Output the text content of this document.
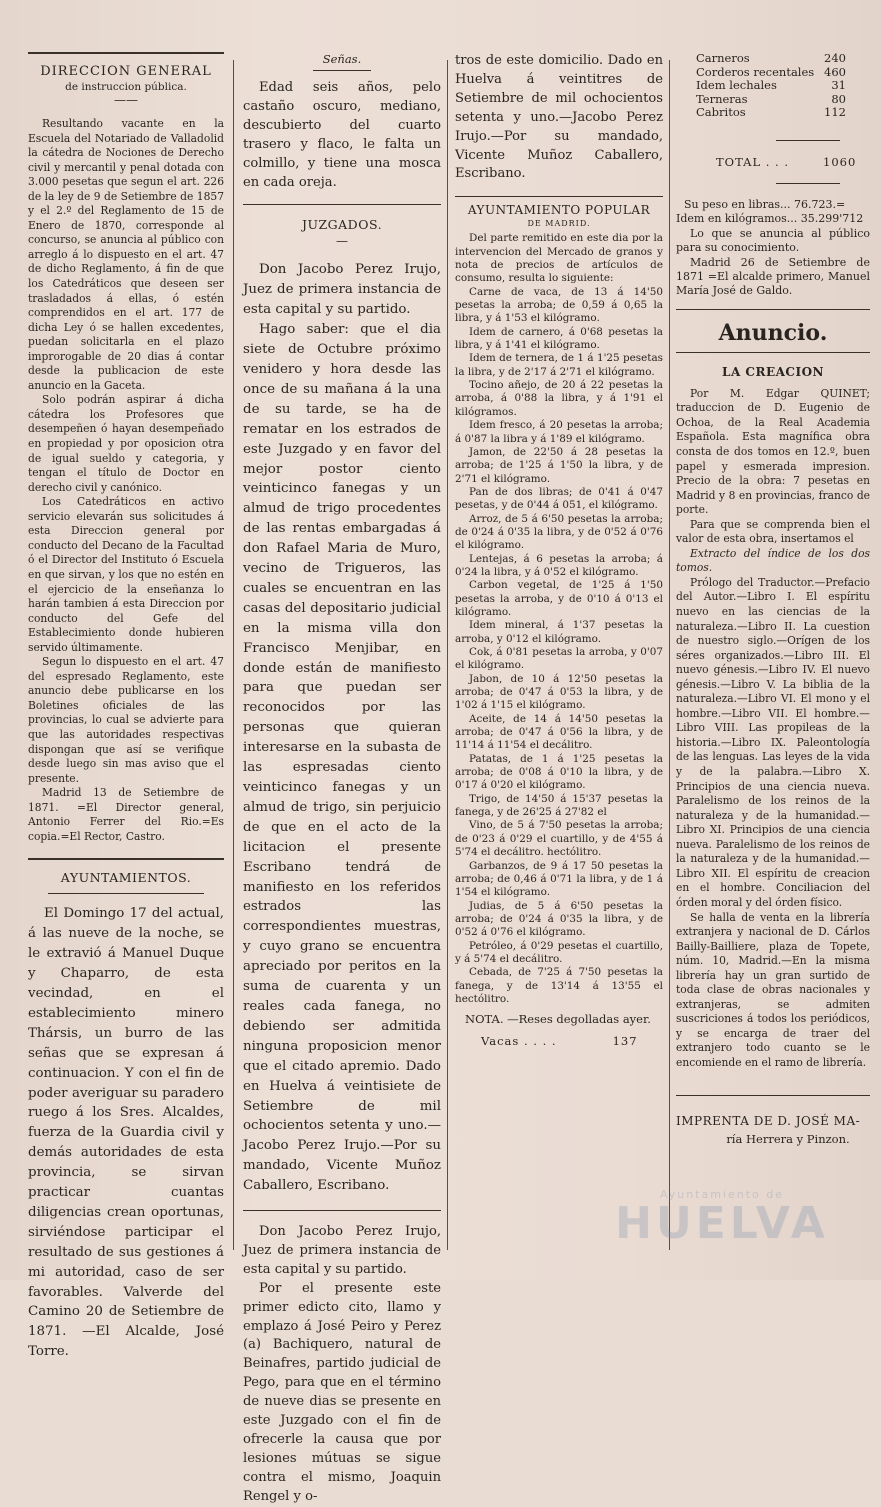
DIRECCION GENERAL

de instruccion pública.

——

Resultando vacante en la Escuela del Notariado de Valladolid la cátedra de Nociones de Derecho civil y mercantil y penal dotada con 3.000 pesetas que segun el art. 226 de la ley de 9 de Setiembre de 1857 y el 2.º del Reglamento de 15 de Enero de 1870, corresponde al concurso, se anuncia al público con arreglo á lo dispuesto en el art. 47 de dicho Reglamento, á fin de que los Catedráticos que deseen ser trasladados á ellas, ó estén comprendidos en el art. 177 de dicha Ley ó se hallen excedentes, puedan solicitarla en el plazo improrogable de 20 dias á contar desde la publicacion de este anuncio en la Gaceta.

Solo podrán aspirar á dicha cátedra los Profesores que desempeñen ó hayan desempeñado en propiedad y por oposicion otra de igual sueldo y categoria, y tengan el título de Doctor en derecho civil y canónico.

Los Catedráticos en activo servicio elevarán sus solicitudes á esta Direccion general por conducto del Decano de la Facultad ó el Director del Instituto ó Escuela en que sirvan, y los que no estén en el ejercicio de la enseñanza lo harán tambien á esta Direccion por conducto del Gefe del Establecimiento donde hubieren servido últimamente.

Segun lo dispuesto en el art. 47 del espresado Reglamento, este anuncio debe publicarse en los Boletines oficiales de las provincias, lo cual se advierte para que las autoridades respectivas dispongan que así se verifique desde luego sin mas aviso que el presente.

Madrid 13 de Setiembre de 1871. =El Director general, Antonio Ferrer del Rio.=Es copia.=El Rector, Castro.

AYUNTAMIENTOS.

El Domingo 17 del actual, á las nueve de la noche, se le extravió á Manuel Duque y Chaparro, de esta vecindad, en el establecimiento minero Thársis, un burro de las señas que se expresan á continuacion. Y con el fin de poder averiguar su paradero ruego á los Sres. Alcaldes, fuerza de la Guardia civil y demás autoridades de esta provincia, se sirvan practicar cuantas diligencias crean oportunas, sirviéndose participar el resultado de sus gestiones á mi autoridad, caso de ser favorables. Valverde del Camino 20 de Setiembre de 1871. —El Alcalde, José Torre.

Señas.

Edad seis años, pelo castaño oscuro, mediano, descubierto del cuarto trasero y flaco, le falta un colmillo, y tiene una mosca en cada oreja.

JUZGADOS.

—

Don Jacobo Perez Irujo, Juez de primera instancia de esta capital y su partido.

Hago saber: que el dia siete de Octubre próximo venidero y hora desde las once de su mañana á la una de su tarde, se ha de rematar en los estrados de este Juzgado y en favor del mejor postor ciento veinticinco fanegas y un almud de trigo procedentes de las rentas embargadas á don Rafael Maria de Muro, vecino de Trigueros, las cuales se encuentran en las casas del depositario judicial en la misma villa don Francisco Menjibar, en donde están de manifiesto para que puedan ser reconocidos por las personas que quieran interesarse en la subasta de las espresadas ciento veinticinco fanegas y un almud de trigo, sin perjuicio de que en el acto de la licitacion el presente Escribano tendrá de manifiesto en los referidos estrados las correspondientes muestras, y cuyo grano se encuentra apreciado por peritos en la suma de cuarenta y un reales cada fanega, no debiendo ser admitida ninguna proposicion menor que el citado apremio. Dado en Huelva á veintisiete de Setiembre de mil ochocientos setenta y uno.—Jacobo Perez Irujo.—Por su mandado, Vicente Muñoz Caballero, Escribano.

Don Jacobo Perez Irujo, Juez de primera instancia de esta capital y su partido.

Por el presente este primer edicto cito, llamo y emplazo á José Peiro y Perez (a) Bachiquero, natural de Beinafres, partido judicial de Pego, para que en el término de nueve dias se presente en este Juzgado con el fin de ofrecerle la causa que por lesiones mútuas se sigue contra el mismo, Joaquin Rengel y o-

tros de este domicilio. Dado en Huelva á veintitres de Setiembre de mil ochocientos setenta y uno.—Jacobo Perez Irujo.—Por su mandado, Vicente Muñoz Caballero, Escribano.

AYUNTAMIENTO POPULAR

DE MADRID.

Del parte remitido en este dia por la intervencion del Mercado de granos y nota de precios de artículos de consumo, resulta lo siguiente:

Carne de vaca, de 13 á 14'50 pesetas la arroba; de 0,59 á 0,65 la libra, y á 1'53 el kilógramo.

Idem de carnero, á 0'68 pesetas la libra, y á 1'41 el kilógramo.

Idem de ternera, de 1 á 1'25 pesetas la libra, y de 2'17 á 2'71 el kilógramo.

Tocino añejo, de 20 á 22 pesetas la arroba, á 0'88 la libra, y á 1'91 el kilógramos.

Idem fresco, á 20 pesetas la arroba; á 0'87 la libra y á 1'89 el kilógramo.

Jamon, de 22'50 á 28 pesetas la arroba; de 1'25 á 1'50 la libra, y de 2'71 el kilógramo.

Pan de dos libras; de 0'41 á 0'47 pesetas, y de 0'44 á 051, el kilógramo.

Arroz, de 5 á 6'50 pesetas la arroba; de 0'24 á 0'35 la libra, y de 0'52 á 0'76 el kilógramo.

Lentejas, á 6 pesetas la arroba; á 0'24 la libra, y á 0'52 el kilógramo.

Carbon vegetal, de 1'25 á 1'50 pesetas la arroba, y de 0'10 á 0'13 el kilógramo.

Idem mineral, á 1'37 pesetas la arroba, y 0'12 el kilógramo.

Cok, á 0'81 pesetas la arroba, y 0'07 el kilógramo.

Jabon, de 10 á 12'50 pesetas la arroba; de 0'47 á 0'53 la libra, y de 1'02 á 1'15 el kilógramo.

Aceite, de 14 á 14'50 pesetas la arroba; de 0'47 á 0'56 la libra, y de 11'14 á 11'54 el decálitro.

Patatas, de 1 á 1'25 pesetas la arroba; de 0'08 á 0'10 la libra, y de 0'17 á 0'20 el kilógramo.

Trigo, de 14'50 á 15'37 pesetas la fanega, y de 26'25 á 27'82 el

Vino, de 5 á 7'50 pesetas la arroba; de 0'23 á 0'29 el cuartillo, y de 4'55 á 5'74 el decálitro. hectólitro.

Garbanzos, de 9 á 17 50 pesetas la arroba; de 0,46 á 0'71 la libra, y de 1 á 1'54 el kilógramo.

Judias, de 5 á 6'50 pesetas la arroba; de 0'24 á 0'35 la libra, y de 0'52 á 0'76 el kilógramo.

Petróleo, á 0'29 pesetas el cuartillo, y á 5'74 el decálitro.

Cebada, de 7'25 á 7'50 pesetas la fanega, y de 13'14 á 13'55 el hectólitro.

NOTA. —Reses degolladas ayer.

Vacas . . . .	137

Carneros	240
Corderos recentales	460
Idem lechales	31
Terneras	80
Cabritos	112

TOTAL . . .	1060

Su peso en libras... 76.723.=

Idem en kilógramos... 35.299'712

Lo que se anuncia al público para su conocimiento.

Madrid 26 de Setiembre de 1871 =El alcalde primero, Manuel María José de Galdo.

Anuncio.

LA CREACION

Por M. Edgar QUINET; traduccion de D. Eugenio de Ochoa, de la Real Academia Española. Esta magnífica obra consta de dos tomos en 12.º, buen papel y esmerada impresion. Precio de la obra: 7 pesetas en Madrid y 8 en provincias, franco de porte.

Para que se comprenda bien el valor de esta obra, insertamos el

Extracto del índice de los dos tomos.

Prólogo del Traductor.—Prefacio del Autor.—Libro I. El espíritu nuevo en las ciencias de la naturaleza.—Libro II. La cuestion de nuestro siglo.—Orígen de los séres organizados.—Libro III. El nuevo génesis.—Libro IV. El nuevo génesis.—Libro V. La biblia de la naturaleza.—Libro VI. El mono y el hombre.—Libro VII. El hombre.—Libro VIII. Las propileas de la historia.—Libro IX. Paleontología de las lenguas. Las leyes de la vida y de la palabra.—Libro X. Principios de una ciencia nueva. Paralelismo de los reinos de la naturaleza y de la humanidad.—Libro XI. Principios de una ciencia nueva. Paralelismo de los reinos de la naturaleza y de la humanidad.—Libro XII. El espíritu de creacion en el hombre. Conciliacion del órden moral y del órden físico.

Se halla de venta en la librería extranjera y nacional de D. Cárlos Bailly-Bailliere, plaza de Topete, núm. 10, Madrid.—En la misma librería hay un gran surtido de toda clase de obras nacionales y extranjeras, se admiten suscriciones á todos los periódicos, y se encarga de traer del extranjero todo cuanto se le encomiende en el ramo de librería.

IMPRENTA DE D. JOSÉ MA-

ría Herrera y Pinzon.

Ayuntamiento de
HUELVA
